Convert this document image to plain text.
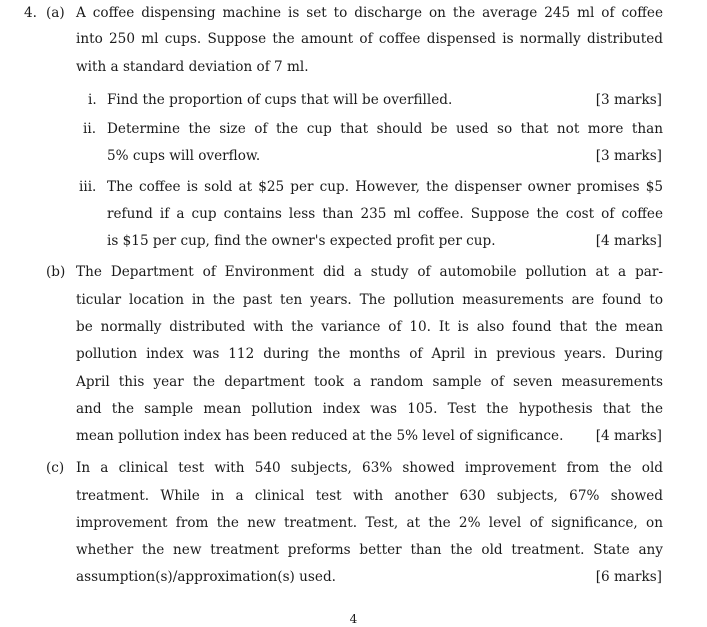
4. (a) A coffee dispensing machine is set to discharge on the average 245 ml of coffee
into 250 ml cups. Suppose the amount of coffee dispensed is normally distributed
with a standard deviation of 7 ml.
i. Find the proportion of cups that will be overfilled.	[3 marks]
ii. Determine the size of the cup that should be used so that not more than
5% cups will overflow.	[3 marks]
iii. The coffee is sold at $25 per cup. However, the dispenser owner promises $5
refund if a cup contains less than 235 ml coffee. Suppose the cost of coffee
is $15 per cup, find the owner's expected profit per cup.	[4 marks]
(b) The Department of Environment did a study of automobile pollution at a par-
ticular location in the past ten years. The pollution measurements are found to
be normally distributed with the variance of 10. It is also found that the mean
pollution index was 112 during the months of April in previous years. During
April this year the department took a random sample of seven measurements
and the sample mean pollution index was 105. Test the hypothesis that the
mean pollution index has been reduced at the 5% level of significance. [4 marks]
(c) In a clinical test with 540 subjects, 63% showed improvement from the old
treatment. While in a clinical test with another 630 subjects, 67% showed
improvement from the new treatment. Test, at the 2% level of significance, on
whether the new treatment preforms better than the old treatment. State any
assumption(s)/approximation(s) used.	[6 marks]
4
